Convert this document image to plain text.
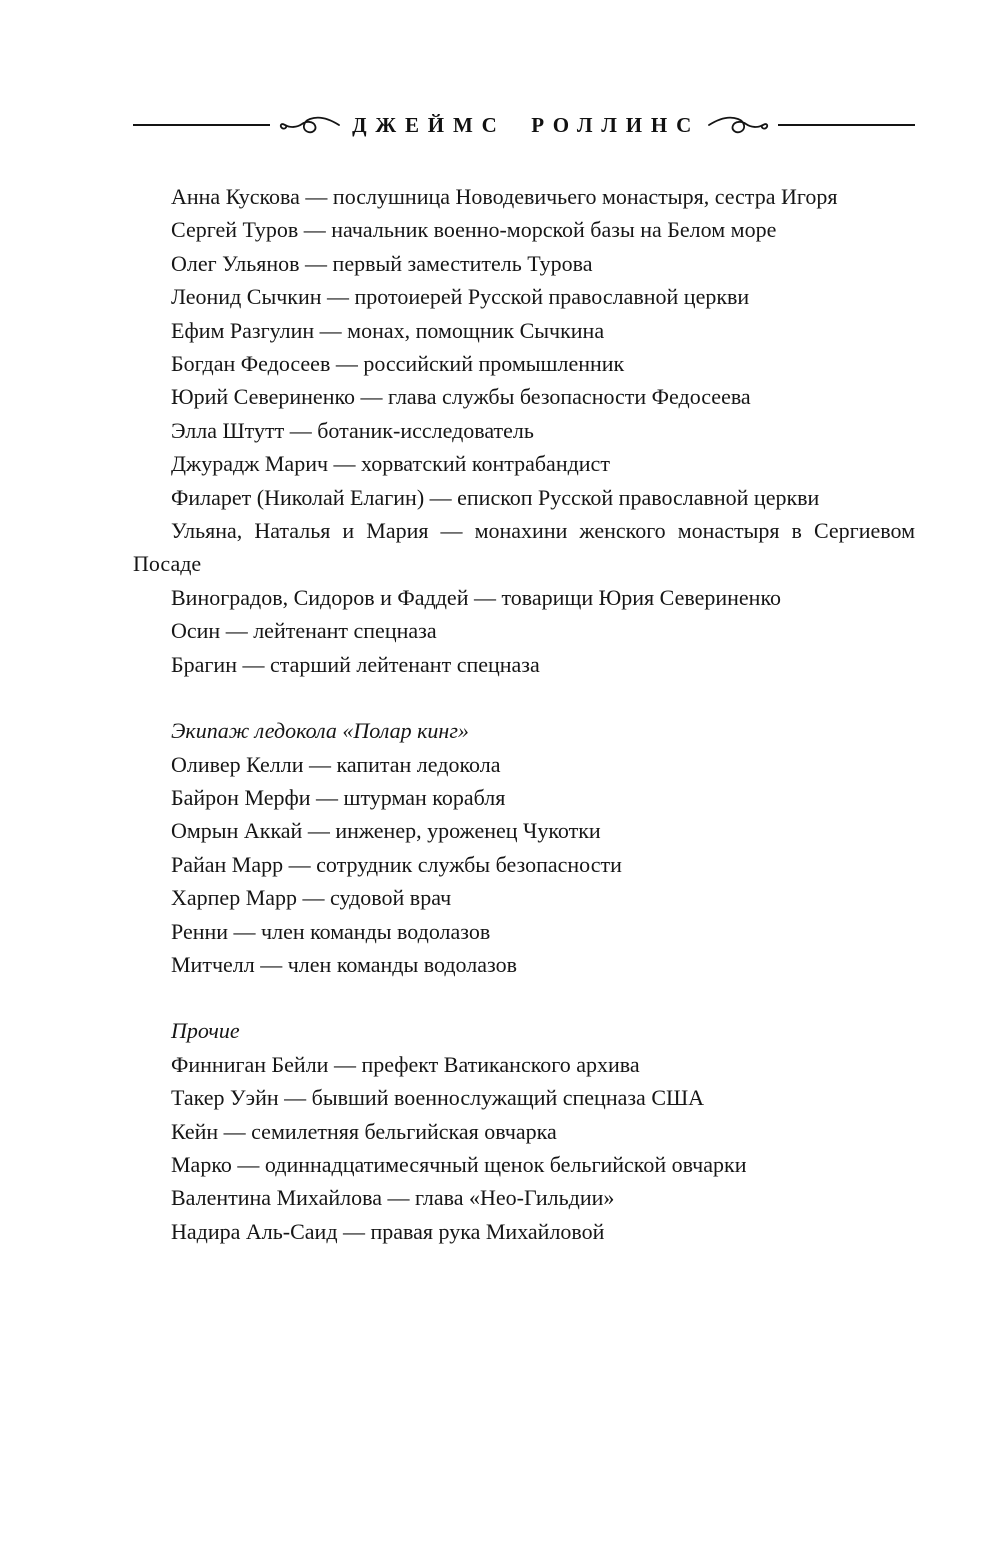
ДЖЕЙМС РОЛЛИНС

Анна Кускова — послушница Новодевичьего монастыря, сестра Игоря

Сергей Туров — начальник военно-морской базы на Белом море

Олег Ульянов — первый заместитель Турова

Леонид Сычкин — протоиерей Русской православной церкви

Ефим Разгулин — монах, помощник Сычкина

Богдан Федосеев — российский промышленник

Юрий Севериненко — глава службы безопасности Федосеева

Элла Штутт — ботаник-исследователь

Джурадж Марич — хорватский контрабандист

Филарет (Николай Елагин) — епископ Русской православной церкви

Ульяна, Наталья и Мария — монахини женского монастыря в Сергиевом Посаде

Виноградов, Сидоров и Фаддей — товарищи Юрия Севериненко

Осин — лейтенант спецназа

Брагин — старший лейтенант спецназа

Экипаж ледокола «Полар кинг»

Оливер Келли — капитан ледокола

Байрон Мерфи — штурман корабля

Омрын Аккай — инженер, уроженец Чукотки

Райан Марр — сотрудник службы безопасности

Харпер Марр — судовой врач

Ренни — член команды водолазов

Митчелл — член команды водолазов

Прочие

Финниган Бейли — префект Ватиканского архива

Такер Уэйн — бывший военнослужащий спецназа США

Кейн — семилетняя бельгийская овчарка

Марко — одиннадцатимесячный щенок бельгийской овчарки

Валентина Михайлова — глава «Нео-Гильдии»

Надира Аль-Саид — правая рука Михайловой
